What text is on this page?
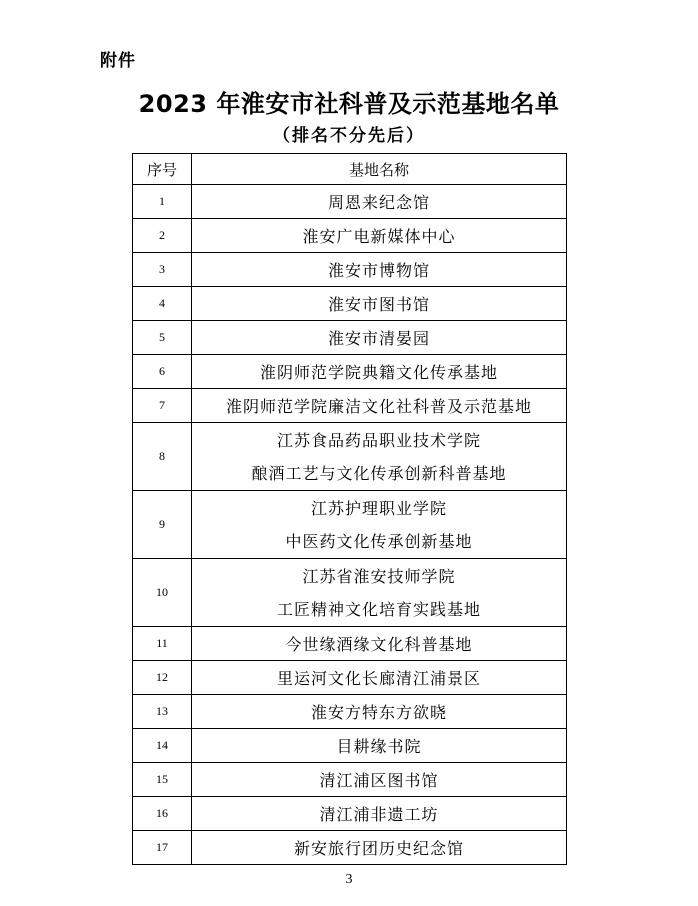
附件
2023 年淮安市社科普及示范基地名单
（排名不分先后）
序号	基地名称
1	周恩来纪念馆
2	淮安广电新媒体中心
3	淮安市博物馆
4	淮安市图书馆
5	淮安市清晏园
6	淮阴师范学院典籍文化传承基地
7	淮阴师范学院廉洁文化社科普及示范基地
8	江苏食品药品职业技术学院
酿酒工艺与文化传承创新科普基地

9	江苏护理职业学院
中医药文化传承创新基地

10	江苏省淮安技师学院
工匠精神文化培育实践基地

11	今世缘酒缘文化科普基地
12	里运河文化长廊清江浦景区
13	淮安方特东方欲晓
14	目耕缘书院
15	清江浦区图书馆
16	清江浦非遗工坊
17	新安旅行团历史纪念馆
3
